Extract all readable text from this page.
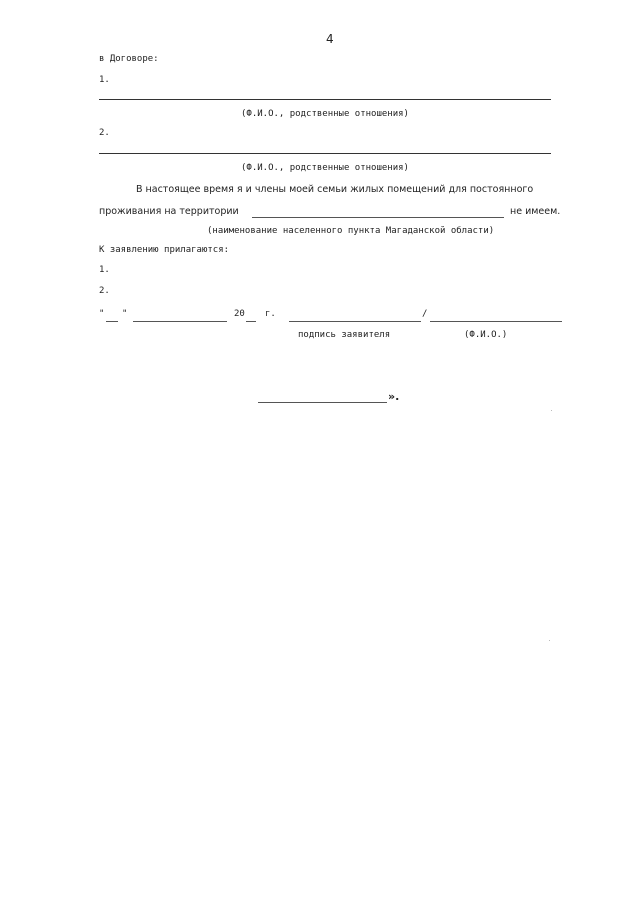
4
в Договоре:
1.
(Ф.И.О., родственные отношения)
2.
(Ф.И.О., родственные отношения)
В настоящее время я и члены моей семьи жилых помещений для постоянного
проживания на территории	не имеем.
(наименование населенного пункта Магаданской области)
К заявлению прилагаются:
1.
2.
" "	20 г.	/
подпись заявителя	(Ф.И.О.)
».
